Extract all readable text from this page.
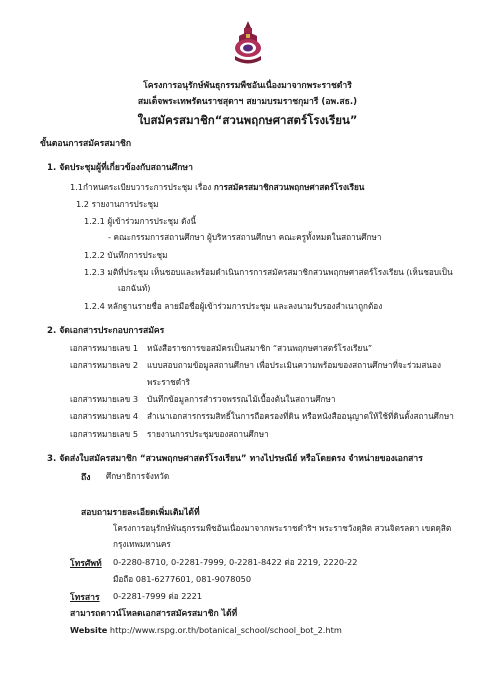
โครงการอนุรักษ์พันธุกรรมพืชอันเนื่องมาจากพระราชดำริ
สมเด็จพระเทพรัตนราชสุดาฯ สยามบรมราชกุมารี (อพ.สธ.)
ใบสมัครสมาชิก“สวนพฤกษศาสตร์โรงเรียน”
ขั้นตอนการสมัครสมาชิก
1. จัดประชุมผู้ที่เกี่ยวข้องกับสถานศึกษา
1.1กำหนดระเบียบวาระการประชุม เรื่อง การสมัครสมาชิกสวนพฤกษศาสตร์โรงเรียน
1.2 รายงานการประชุม
1.2.1 ผู้เข้าร่วมการประชุม ดังนี้
- คณะกรรมการสถานศึกษา ผู้บริหารสถานศึกษา คณะครูทั้งหมดในสถานศึกษา
1.2.2 บันทึกการประชุม
1.2.3 มติที่ประชุม เห็นชอบและพร้อมดำเนินการการสมัครสมาชิกสวนพฤกษศาสตร์โรงเรียน (เห็นชอบเป็น
เอกฉันท์)
1.2.4 หลักฐานรายชื่อ ลายมือชื่อผู้เข้าร่วมการประชุม และลงนามรับรองสำเนาถูกต้อง
2. จัดเอกสารประกอบการสมัคร
เอกสารหมายเลข 1 หนังสือราชการขอสมัครเป็นสมาชิก “สวนพฤกษศาสตร์โรงเรียน”
เอกสารหมายเลข 2 แบบสอบถามข้อมูลสถานศึกษา เพื่อประเมินความพร้อมของสถานศึกษาที่จะร่วมสนอง
พระราชดำริ
เอกสารหมายเลข 3 บันทึกข้อมูลการสำรวจพรรณไม้เบื้องต้นในสถานศึกษา
เอกสารหมายเลข 4 สำเนาเอกสารกรรมสิทธิ์ในการถือครองที่ดิน หรือหนังสืออนุญาตให้ใช้ที่ดินตั้งสถานศึกษา
เอกสารหมายเลข 5 รายงานการประชุมของสถานศึกษา
3. จัดส่งใบสมัครสมาชิก “สวนพฤกษศาสตร์โรงเรียน” ทางไปรษณีย์ หรือโดยตรง จำหน่ายของเอกสาร
ถึง ศึกษาธิการจังหวัด
สอบถามรายละเอียดเพิ่มเติมได้ที่
โครงการอนุรักษ์พันธุกรรมพืชอันเนื่องมาจากพระราชดำริฯ พระราชวังดุสิต สวนจิตรลดา เขตดุสิต
กรุงเทพมหานคร
โทรศัพท์ 0-2280-8710, 0-2281-7999, 0-2281-8422 ต่อ 2219, 2220-22
มือถือ 081-6277601, 081-9078050
โทรสาร 0-2281-7999 ต่อ 2221
สามารถดาวน์โหลดเอกสารสมัครสมาชิก ได้ที่
Website http://www.rspg.or.th/botanical_school/school_bot_2.htm
